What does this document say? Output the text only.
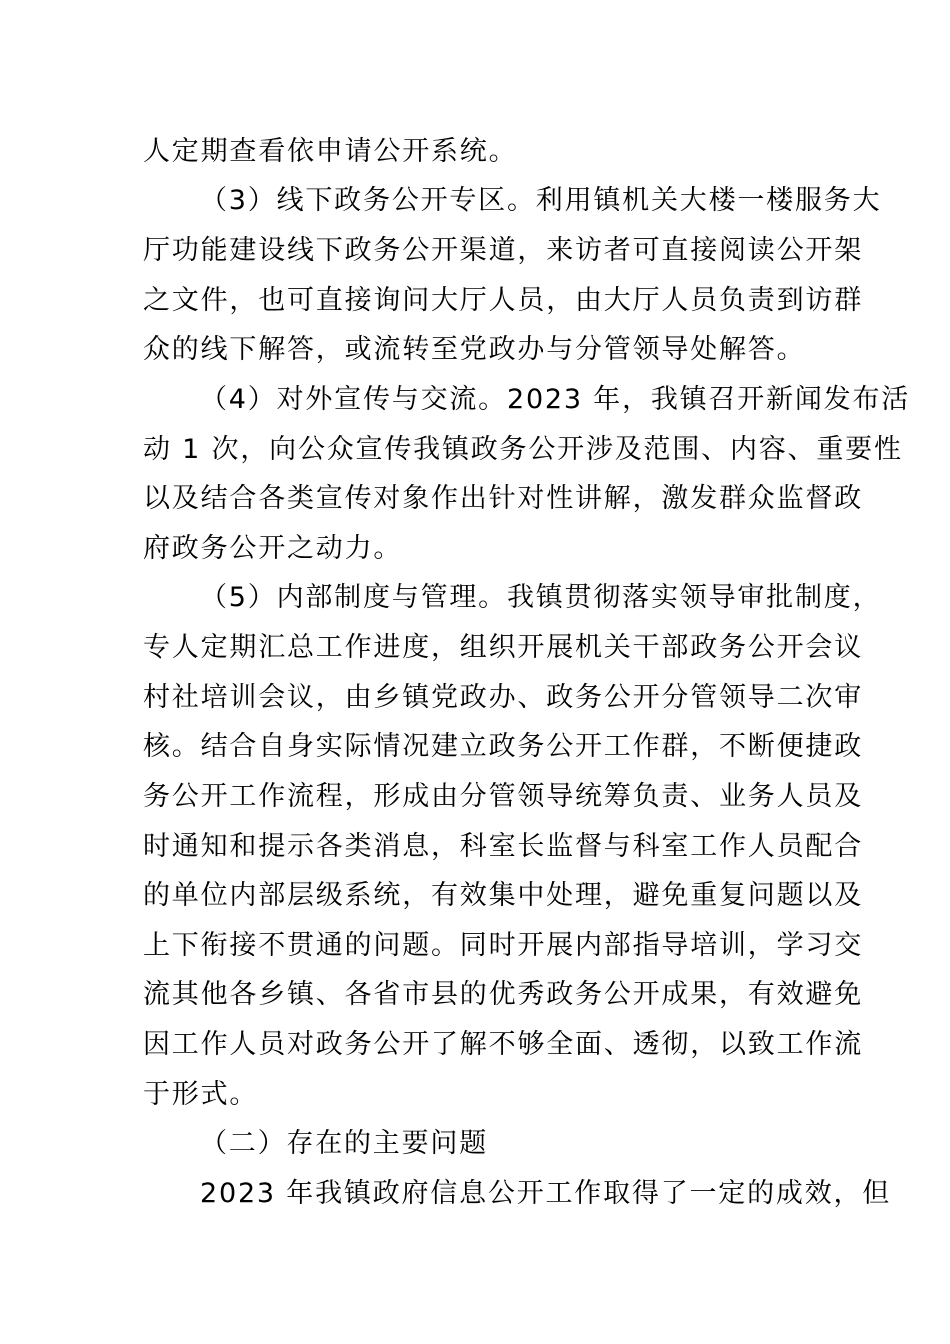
人定期查看依申请公开系统。
（3）线下政务公开专区。利用镇机关大楼一楼服务大
厅功能建设线下政务公开渠道，来访者可直接阅读公开架
之文件，也可直接询问大厅人员，由大厅人员负责到访群
众的线下解答，或流转至党政办与分管领导处解答。
（4）对外宣传与交流。2023 年，我镇召开新闻发布活
动 1 次，向公众宣传我镇政务公开涉及范围、内容、重要性
以及结合各类宣传对象作出针对性讲解，激发群众监督政
府政务公开之动力。
（5）内部制度与管理。我镇贯彻落实领导审批制度，
专人定期汇总工作进度，组织开展机关干部政务公开会议
村社培训会议，由乡镇党政办、政务公开分管领导二次审
核。结合自身实际情况建立政务公开工作群，不断便捷政
务公开工作流程，形成由分管领导统筹负责、业务人员及
时通知和提示各类消息，科室长监督与科室工作人员配合
的单位内部层级系统，有效集中处理，避免重复问题以及
上下衔接不贯通的问题。同时开展内部指导培训，学习交
流其他各乡镇、各省市县的优秀政务公开成果，有效避免
因工作人员对政务公开了解不够全面、透彻，以致工作流
于形式。
（二）存在的主要问题
2023 年我镇政府信息公开工作取得了一定的成效，但
